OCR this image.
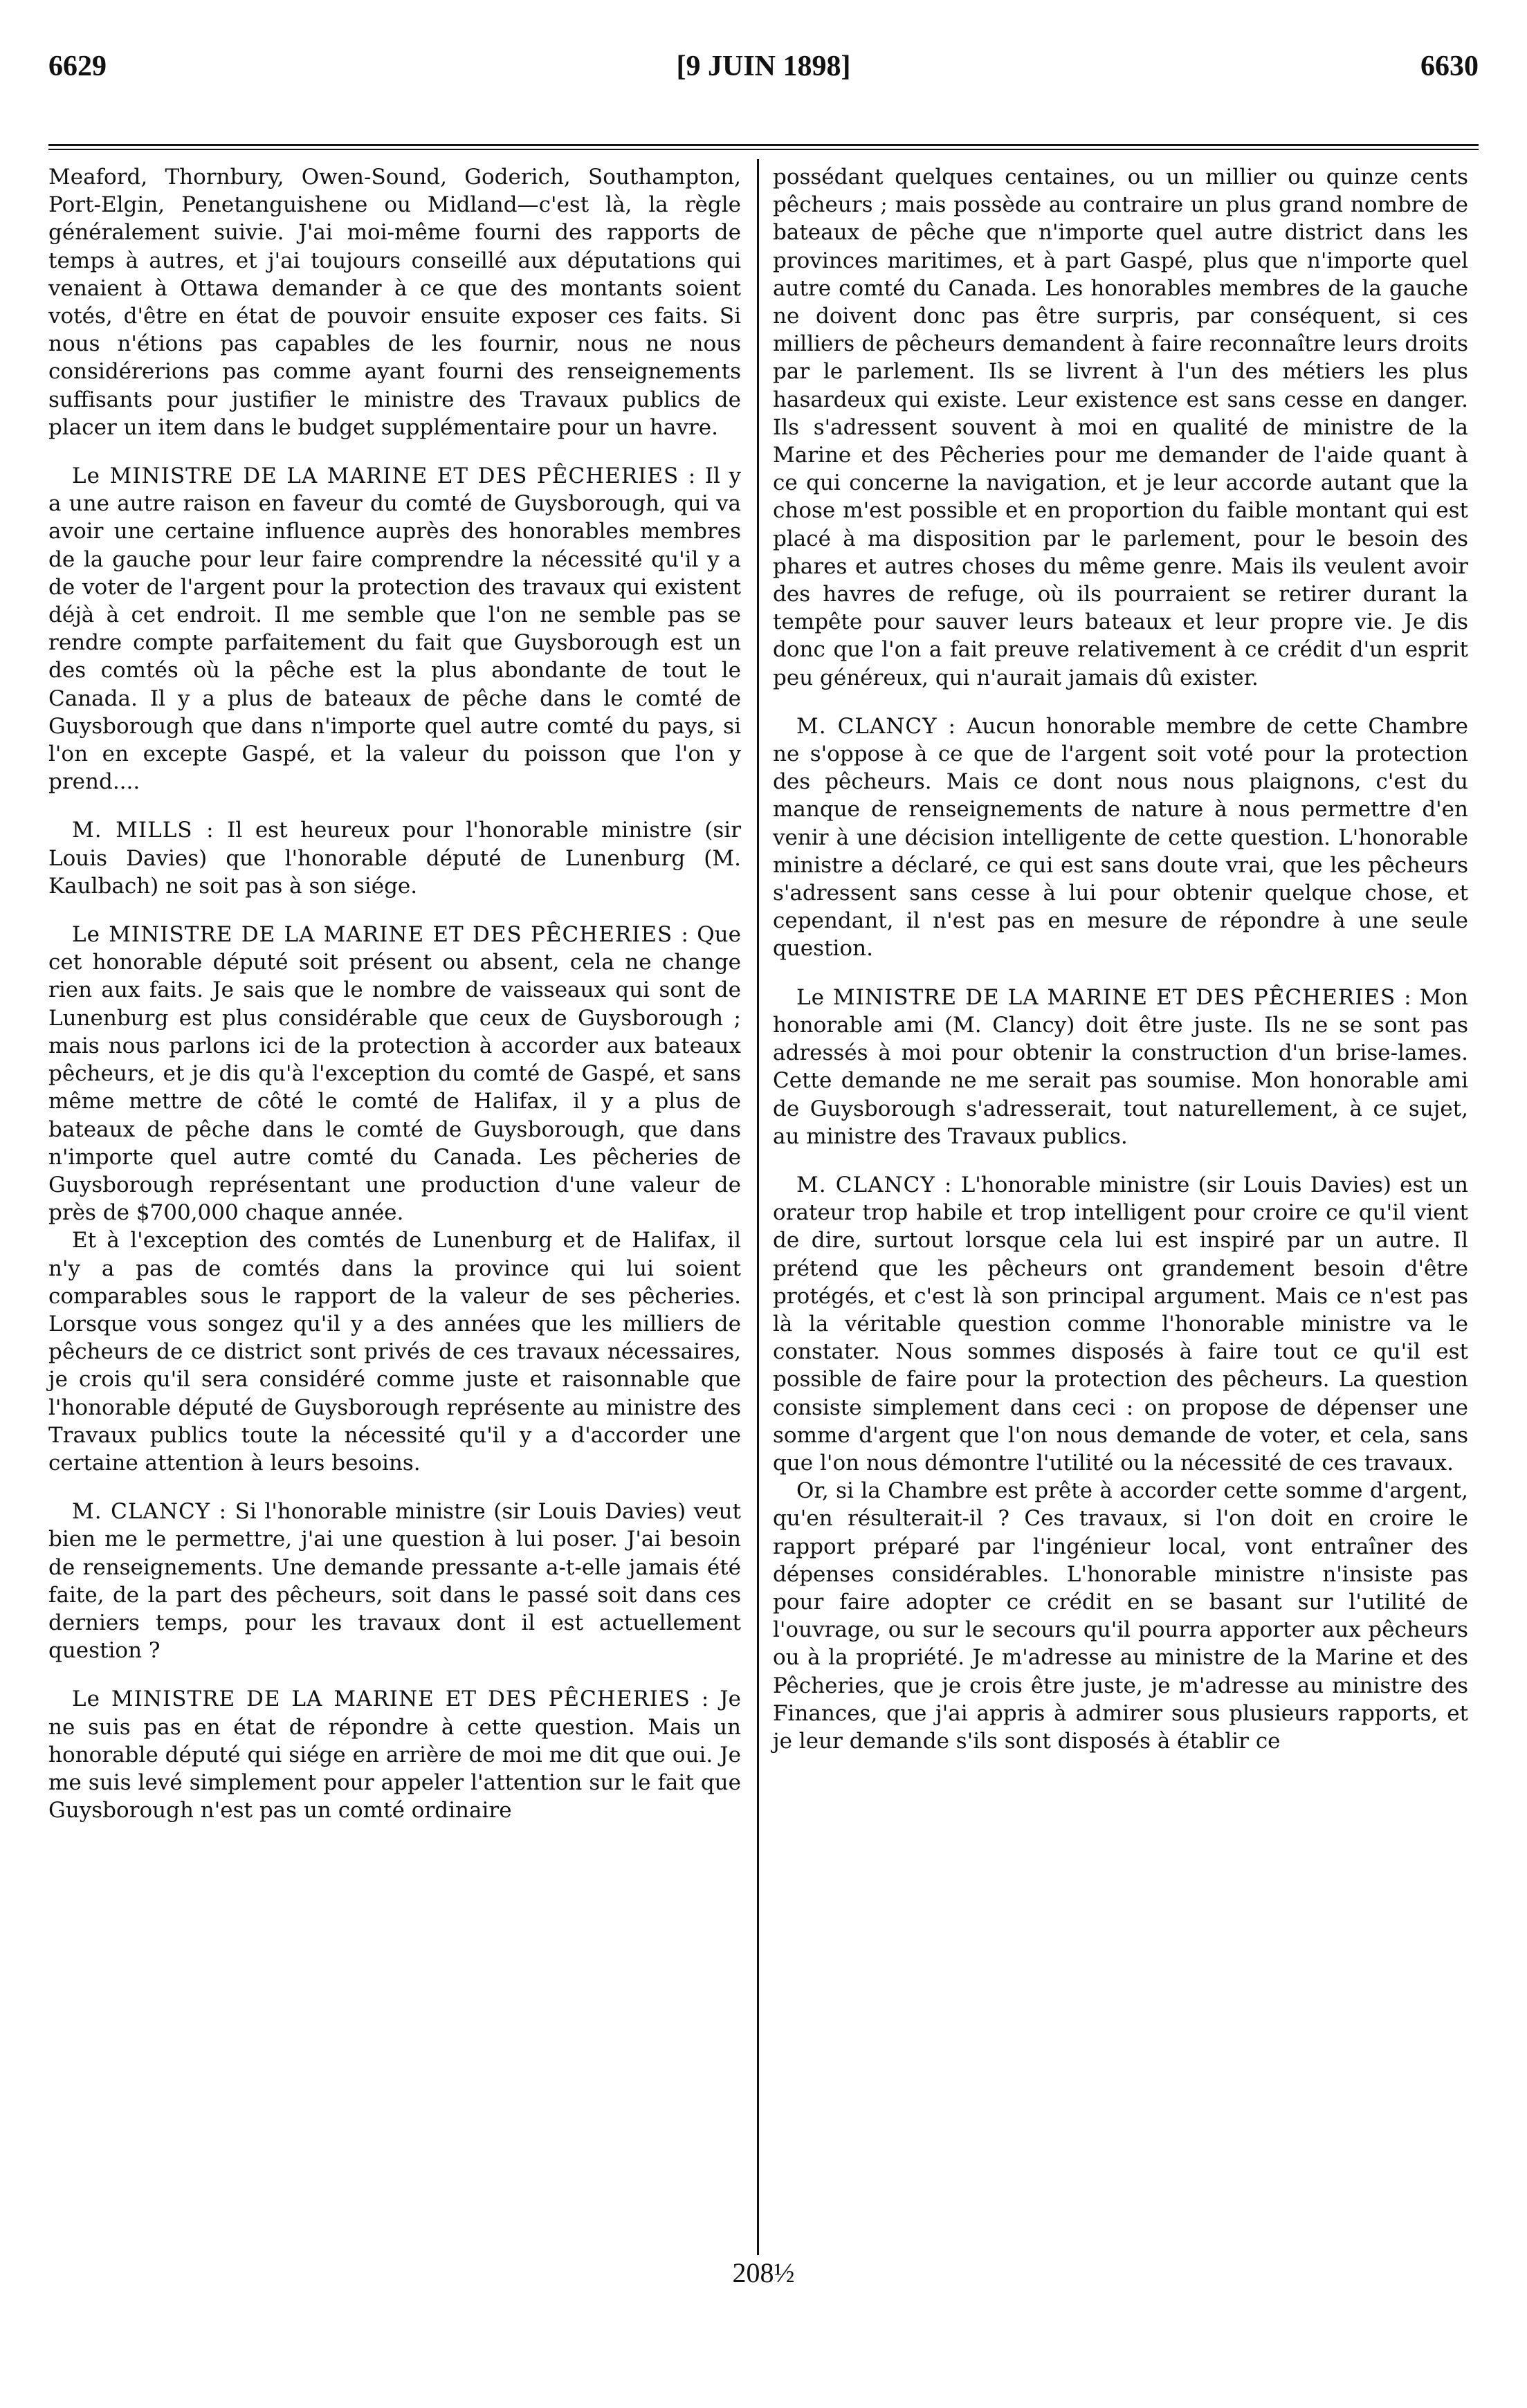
6629	[9 JUIN 1898]	6630

Meaford, Thornbury, Owen-Sound, Goderich, Southampton, Port-Elgin, Penetanguishene ou Midland—c'est là, la règle généralement suivie. J'ai moi-même fourni des rapports de temps à autres, et j'ai toujours conseillé aux députations qui venaient à Ottawa demander à ce que des montants soient votés, d'être en état de pouvoir ensuite exposer ces faits. Si nous n'étions pas capables de les fournir, nous ne nous considérerions pas comme ayant fourni des renseignements suffisants pour justifier le ministre des Travaux publics de placer un item dans le budget supplémentaire pour un havre.

Le MINISTRE DE LA MARINE ET DES PÊCHERIES : Il y a une autre raison en faveur du comté de Guysborough, qui va avoir une certaine influence auprès des honorables membres de la gauche pour leur faire comprendre la nécessité qu'il y a de voter de l'argent pour la protection des travaux qui existent déjà à cet endroit. Il me semble que l'on ne semble pas se rendre compte parfaitement du fait que Guysborough est un des comtés où la pêche est la plus abondante de tout le Canada. Il y a plus de bateaux de pêche dans le comté de Guysborough que dans n'importe quel autre comté du pays, si l'on en excepte Gaspé, et la valeur du poisson que l'on y prend....

M. MILLS : Il est heureux pour l'honorable ministre (sir Louis Davies) que l'honorable député de Lunenburg (M. Kaulbach) ne soit pas à son siége.

Le MINISTRE DE LA MARINE ET DES PÊCHERIES : Que cet honorable député soit présent ou absent, cela ne change rien aux faits. Je sais que le nombre de vaisseaux qui sont de Lunenburg est plus considérable que ceux de Guysborough ; mais nous parlons ici de la protection à accorder aux bateaux pêcheurs, et je dis qu'à l'exception du comté de Gaspé, et sans même mettre de côté le comté de Halifax, il y a plus de bateaux de pêche dans le comté de Guysborough, que dans n'importe quel autre comté du Canada. Les pêcheries de Guysborough représentant une production d'une valeur de près de $700,000 chaque année.

Et à l'exception des comtés de Lunenburg et de Halifax, il n'y a pas de comtés dans la province qui lui soient comparables sous le rapport de la valeur de ses pêcheries. Lorsque vous songez qu'il y a des années que les milliers de pêcheurs de ce district sont privés de ces travaux nécessaires, je crois qu'il sera considéré comme juste et raisonnable que l'honorable député de Guysborough représente au ministre des Travaux publics toute la nécessité qu'il y a d'accorder une certaine attention à leurs besoins.

M. CLANCY : Si l'honorable ministre (sir Louis Davies) veut bien me le permettre, j'ai une question à lui poser. J'ai besoin de renseignements. Une demande pressante a-t-elle jamais été faite, de la part des pêcheurs, soit dans le passé soit dans ces derniers temps, pour les travaux dont il est actuellement question ?

Le MINISTRE DE LA MARINE ET DES PÊCHERIES : Je ne suis pas en état de répondre à cette question. Mais un honorable député qui siége en arrière de moi me dit que oui. Je me suis levé simplement pour appeler l'attention sur le fait que Guysborough n'est pas un comté ordinaire

possédant quelques centaines, ou un millier ou quinze cents pêcheurs ; mais possède au contraire un plus grand nombre de bateaux de pêche que n'importe quel autre district dans les provinces maritimes, et à part Gaspé, plus que n'importe quel autre comté du Canada. Les honorables membres de la gauche ne doivent donc pas être surpris, par conséquent, si ces milliers de pêcheurs demandent à faire reconnaître leurs droits par le parlement. Ils se livrent à l'un des métiers les plus hasardeux qui existe. Leur existence est sans cesse en danger. Ils s'adressent souvent à moi en qualité de ministre de la Marine et des Pêcheries pour me demander de l'aide quant à ce qui concerne la navigation, et je leur accorde autant que la chose m'est possible et en proportion du faible montant qui est placé à ma disposition par le parlement, pour le besoin des phares et autres choses du même genre. Mais ils veulent avoir des havres de refuge, où ils pourraient se retirer durant la tempête pour sauver leurs bateaux et leur propre vie. Je dis donc que l'on a fait preuve relativement à ce crédit d'un esprit peu généreux, qui n'aurait jamais dû exister.

M. CLANCY : Aucun honorable membre de cette Chambre ne s'oppose à ce que de l'argent soit voté pour la protection des pêcheurs. Mais ce dont nous nous plaignons, c'est du manque de renseignements de nature à nous permettre d'en venir à une décision intelligente de cette question. L'honorable ministre a déclaré, ce qui est sans doute vrai, que les pêcheurs s'adressent sans cesse à lui pour obtenir quelque chose, et cependant, il n'est pas en mesure de répondre à une seule question.

Le MINISTRE DE LA MARINE ET DES PÊCHERIES : Mon honorable ami (M. Clancy) doit être juste. Ils ne se sont pas adressés à moi pour obtenir la construction d'un brise-lames. Cette demande ne me serait pas soumise. Mon honorable ami de Guysborough s'adresserait, tout naturellement, à ce sujet, au ministre des Travaux publics.

M. CLANCY : L'honorable ministre (sir Louis Davies) est un orateur trop habile et trop intelligent pour croire ce qu'il vient de dire, surtout lorsque cela lui est inspiré par un autre. Il prétend que les pêcheurs ont grandement besoin d'être protégés, et c'est là son principal argument. Mais ce n'est pas là la véritable question comme l'honorable ministre va le constater. Nous sommes disposés à faire tout ce qu'il est possible de faire pour la protection des pêcheurs. La question consiste simplement dans ceci : on propose de dépenser une somme d'argent que l'on nous demande de voter, et cela, sans que l'on nous démontre l'utilité ou la nécessité de ces travaux.

Or, si la Chambre est prête à accorder cette somme d'argent, qu'en résulterait-il ? Ces travaux, si l'on doit en croire le rapport préparé par l'ingénieur local, vont entraîner des dépenses considérables. L'honorable ministre n'insiste pas pour faire adopter ce crédit en se basant sur l'utilité de l'ouvrage, ou sur le secours qu'il pourra apporter aux pêcheurs ou à la propriété. Je m'adresse au ministre de la Marine et des Pêcheries, que je crois être juste, je m'adresse au ministre des Finances, que j'ai appris à admirer sous plusieurs rapports, et je leur demande s'ils sont disposés à établir ce

208½
